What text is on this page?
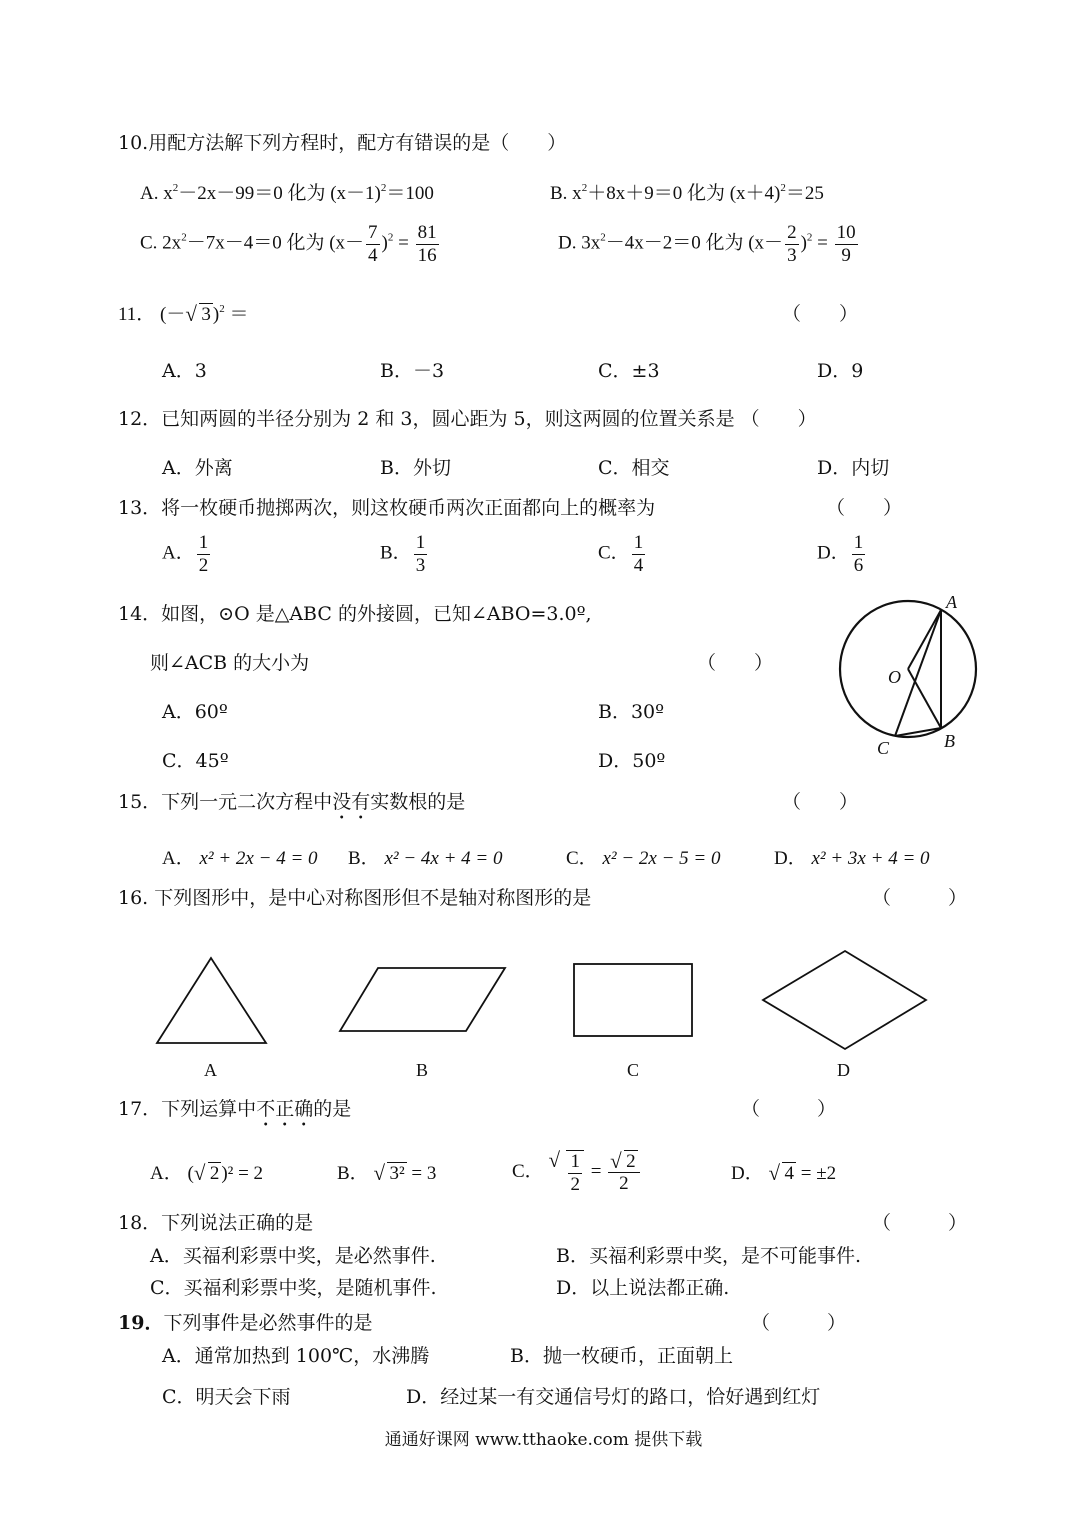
10.用配方法解下列方程时，配方有错误的是（　　）
A. $x^2-2x-99=0$ 化为 $(x-1)^2=100$	B. $x^2+8x+9=0$ 化为 $(x+4)^2=25$
C. $2x^2-7x-4=0$ 化为 $(x- \frac{7}{4} )^2 = \frac{81}{16}$	D. $3x^2-4x-2=0$ 化为 $(x- \frac{2}{3} )^2 = \frac{10}{9}$
11． (－ √ 3 )$^2$ ＝	（　　）
A．3	B．－3	C．±3	D．9
12．已知两圆的半径分别为 2 和 3，圆心距为 5，则这两圆的位置关系是 （　　）
A．外离	B．外切	C．相交	D．内切
13．将一枚硬币抛掷两次，则这枚硬币两次正面都向上的概率为	（　　）
A． $\frac{1}{2}$	B． $\frac{1}{3}$	C． $\frac{1}{4}$	D． $\frac{1}{6}$
14．如图，⊙O 是△ABC 的外接圆，已知∠ABO=3.0º,
则∠ACB 的大小为	（　　）
A．60º	B．30º
C．45º	D．50º
A
O
C	B
15．下列一元二次方程中没有实数根的是	（　　）
A． x² + 2x − 4 = 0 B． x² − 4x + 4 = 0	C． x² − 2x − 5 = 0	D． x² + 3x + 4 = 0
16. 下列图形中，是中心对称图形但不是轴对称图形的是	（　　　）
A	B	C	D
17．下列运算中不正确的是	（　　　）
A． ( √ 2 )² = 2	B． √ 3² = 3	C． √ $\frac{1}{2}$ = √ $\frac{2}{2}$	D． √ 4 = ±2
18．下列说法正确的是	（　　　）
A．买福利彩票中奖，是必然事件.	B．买福利彩票中奖，是不可能事件.
C．买福利彩票中奖，是随机事件.	D．以上说法都正确.
19．下列事件是必然事件的是	（　　　）
A．通常加热到 100℃，水沸腾	B．抛一枚硬币，正面朝上
C．明天会下雨	D．经过某一有交通信号灯的路口，恰好遇到红灯
通通好课网 www.tthaoke.com 提供下载
